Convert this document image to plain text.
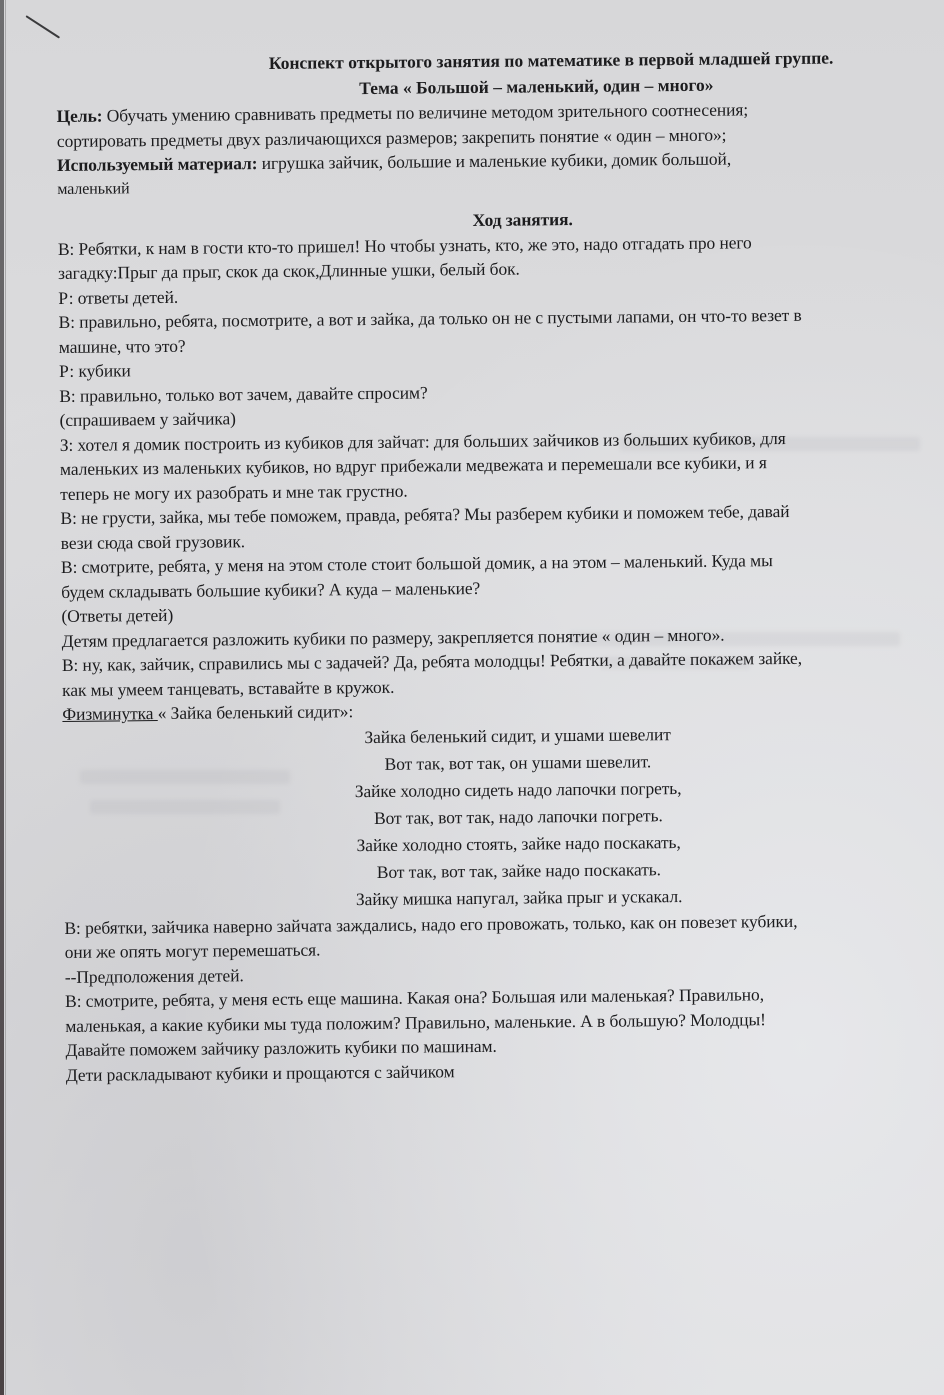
Конспект открытого занятия по математике в первой младшей группе.
Тема « Большой – маленький, один – много»
Цель: Обучать умению сравнивать предметы по величине методом зрительного соотнесения;
сортировать предметы двух различающихся размеров; закрепить понятие « один – много»;
Используемый материал: игрушка зайчик, большие и маленькие кубики, домик большой,
маленький
Ход занятия.
В: Ребятки, к нам в гости кто-то пришел! Но чтобы узнать, кто, же это, надо отгадать про него
загадку:Прыг да прыг, скок да скок,Длинные ушки, белый бок.
Р: ответы детей.
В: правильно, ребята, посмотрите, а вот и зайка, да только он не с пустыми лапами, он что-то везет в
машине, что это?
Р: кубики
В: правильно, только вот зачем, давайте спросим?
(спрашиваем у зайчика)
З: хотел я домик построить из кубиков для зайчат: для больших зайчиков из больших кубиков, для
маленьких из маленьких кубиков, но вдруг прибежали медвежата и перемешали все кубики, и я
теперь не могу их разобрать и мне так грустно.
В: не грусти, зайка, мы тебе поможем, правда, ребята? Мы разберем кубики и поможем тебе, давай
вези сюда свой грузовик.
В: смотрите, ребята, у меня на этом столе стоит большой домик, а на этом – маленький. Куда мы
будем складывать большие кубики? А куда – маленькие?
(Ответы детей)
Детям предлагается разложить кубики по размеру, закрепляется понятие « один – много».
В: ну, как, зайчик, справились мы с задачей? Да, ребята молодцы! Ребятки, а давайте покажем зайке,
как мы умеем танцевать, вставайте в кружок.
Физминутка « Зайка беленький сидит»:
Зайка беленький сидит, и ушами шевелит
Вот так, вот так, он ушами шевелит.
Зайке холодно сидеть надо лапочки погреть,
Вот так, вот так, надо лапочки погреть.
Зайке холодно стоять, зайке надо поскакать,
Вот так, вот так, зайке надо поскакать.
Зайку мишка напугал, зайка прыг и ускакал.
В: ребятки, зайчика наверно зайчата заждались, надо его провожать, только, как он повезет кубики,
они же опять могут перемешаться.
--Предположения детей.
В: смотрите, ребята, у меня есть еще машина. Какая она? Большая или маленькая? Правильно,
маленькая, а какие кубики мы туда положим? Правильно, маленькие. А в большую? Молодцы!
Давайте поможем зайчику разложить кубики по машинам.
Дети раскладывают кубики и прощаются с зайчиком
